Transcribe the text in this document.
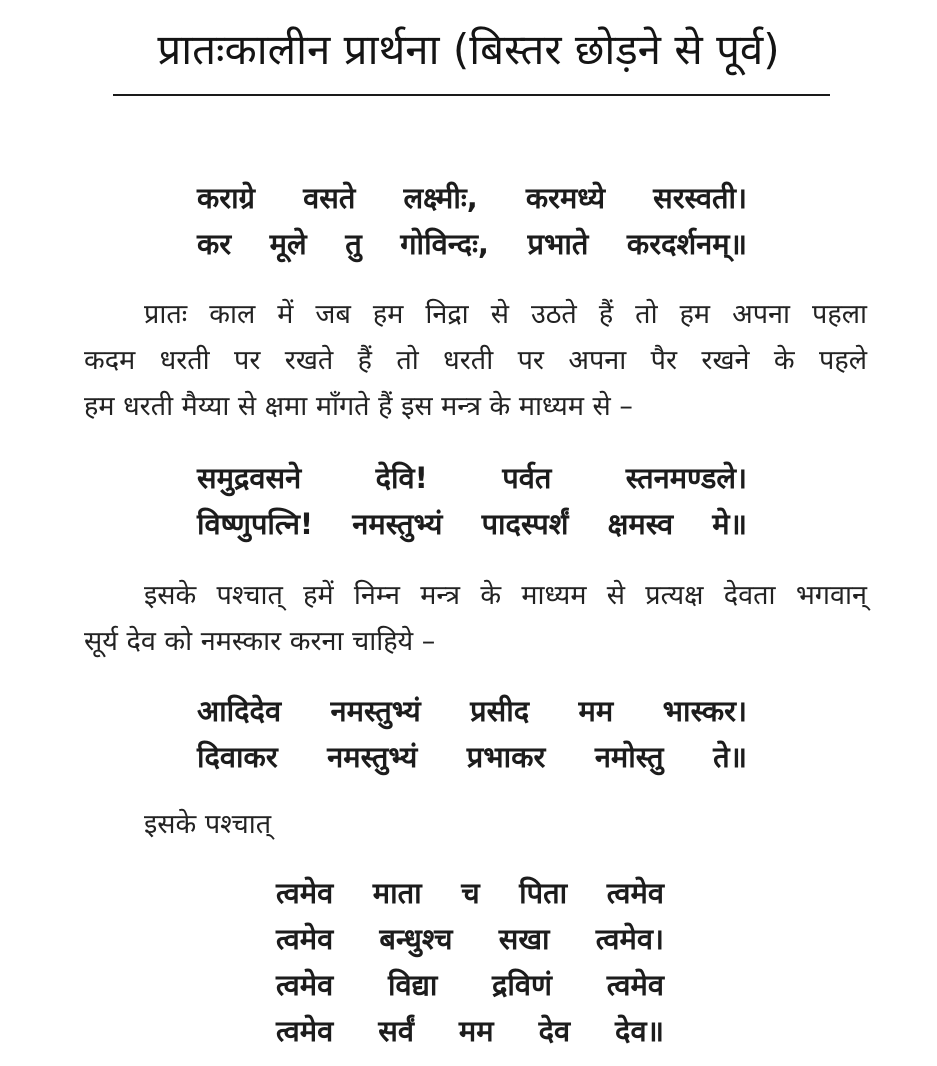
प्रातःकालीन प्रार्थना (बिस्तर छोड़ने से पूर्व)
कराग्रे वसते लक्ष्मीः, करमध्ये सरस्वती।
कर मूले तु गोविन्दः, प्रभाते करदर्शनम्॥
प्रातः काल में जब हम निद्रा से उठते हैं तो हम अपना पहला
कदम धरती पर रखते हैं तो धरती पर अपना पैर रखने के पहले
हम धरती मैय्या से क्षमा माँगते हैं इस मन्त्र के माध्यम से –
समुद्रवसने	देवि!	पर्वत	स्तनमण्डले।
विष्णुपत्नि! नमस्तुभ्यं पादस्पर्शं क्षमस्व मे॥
इसके पश्चात् हमें निम्न मन्त्र के माध्यम से प्रत्यक्ष देवता भगवान्
सूर्य देव को नमस्कार करना चाहिये –
आदिदेव नमस्तुभ्यं प्रसीद मम भास्कर।
दिवाकर नमस्तुभ्यं प्रभाकर नमोस्तु ते॥
इसके पश्चात्
त्वमेव माता च पिता त्वमेव
त्वमेव बन्धुश्च सखा त्वमेव।
त्वमेव विद्या द्रविणं त्वमेव
त्वमेव सर्वं मम देव देव॥
